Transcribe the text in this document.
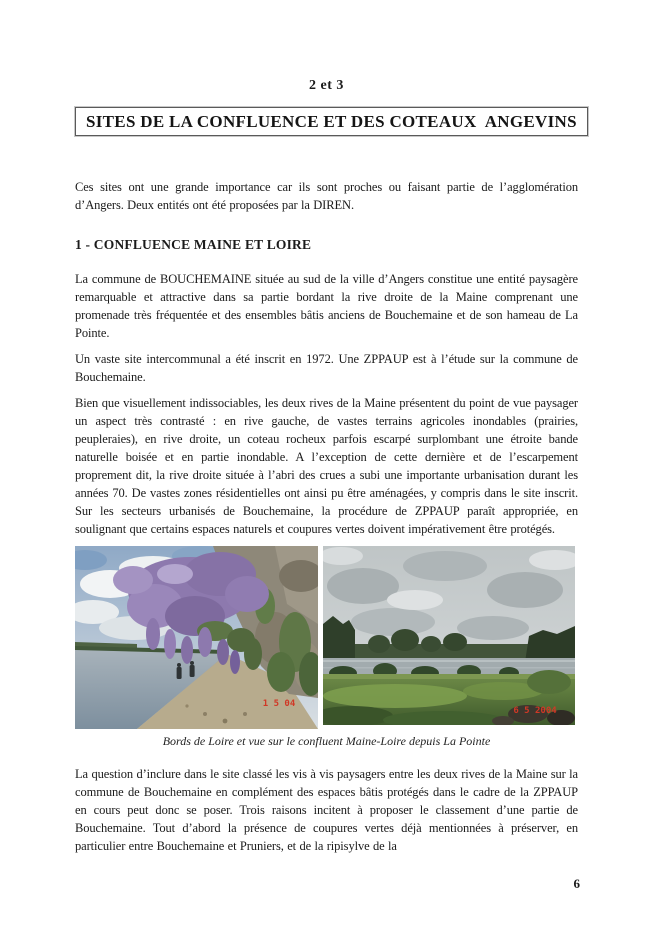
2 et 3
SITES DE LA CONFLUENCE ET DES COTEAUX  ANGEVINS

Ces sites ont une grande importance car ils sont proches ou faisant partie de l’agglomération d’Angers. Deux entités ont été proposées par la DIREN.

1 - CONFLUENCE MAINE ET LOIRE

La commune de BOUCHEMAINE située au sud de la ville d’Angers constitue une entité paysagère remarquable et attractive dans sa partie bordant la rive droite de la Maine comprenant une promenade très fréquentée et des ensembles bâtis anciens de Bouchemaine et de son hameau de La Pointe.

Un vaste site intercommunal a été inscrit en 1972. Une ZPPAUP est à l’étude sur la commune de Bouchemaine.

Bien que visuellement indissociables, les deux rives de la Maine présentent du point de vue paysager un aspect très contrasté : en rive gauche, de vastes terrains agricoles inondables (prairies, peupleraies), en rive droite, un coteau rocheux parfois escarpé surplombant une étroite bande naturelle boisée et en partie inondable. A l’exception de cette dernière et de l’escarpement proprement dit, la rive droite située à l’abri des crues a subi une importante urbanisation durant les années 70. De vastes zones résidentielles ont ainsi pu être aménagées, y compris dans le site inscrit. Sur les secteurs urbanisés de Bouchemaine, la procédure de ZPPAUP paraît appropriée, en soulignant que certains espaces naturels et coupures vertes doivent impérativement être protégés.

1 5 04
6 5 2004
Bords de Loire et vue sur le confluent Maine-Loire depuis La Pointe

La question d’inclure dans le site classé les vis à vis paysagers entre les deux rives de la Maine sur la commune de Bouchemaine en complément des espaces bâtis protégés dans le cadre de la ZPPAUP en cours peut donc se poser. Trois raisons incitent à proposer le classement d’une partie de Bouchemaine. Tout d’abord la présence de coupures vertes déjà mentionnées à préserver, en particulier entre Bouchemaine et Pruniers, et de la ripisylve de la

6
